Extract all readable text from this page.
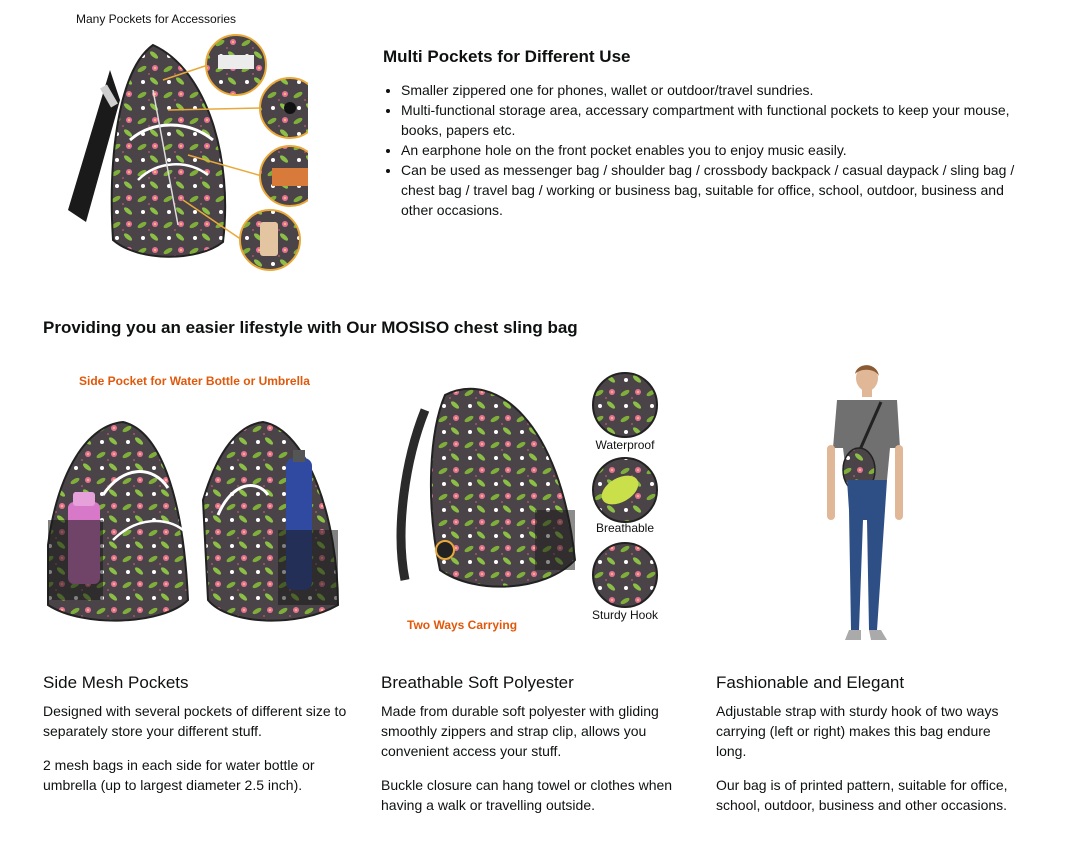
Many Pockets for Accessories
Multi Pockets for Different Use
• Smaller zippered one for phones, wallet or outdoor/travel sundries.
• Multi-functional storage area, accessary compartment with functional pockets to keep your mouse, books, papers etc.
• An earphone hole on the front pocket enables you to enjoy music easily.
• Can be used as messenger bag / shoulder bag / crossbody backpack / casual daypack / sling bag / chest bag / travel bag / working or business bag, suitable for office, school, outdoor, business and other occasions.
Providing you an easier lifestyle with Our MOSISO chest sling bag
Side Pocket for Water Bottle or Umbrella
Two Ways Carrying
Waterproof
Breathable
Sturdy Hook
Side Mesh Pockets

Designed with several pockets of different size to separately store your different stuff.

2 mesh bags in each side for water bottle or umbrella (up to largest diameter 2.5 inch).

Breathable Soft Polyester

Made from durable soft polyester with gliding smoothly zippers and strap clip, allows you convenient access your stuff.

Buckle closure can hang towel or clothes when having a walk or travelling outside.

Fashionable and Elegant

Adjustable strap with sturdy hook of two ways carrying (left or right) makes this bag endure long.

Our bag is of printed pattern, suitable for office, school, outdoor, business and other occasions.
